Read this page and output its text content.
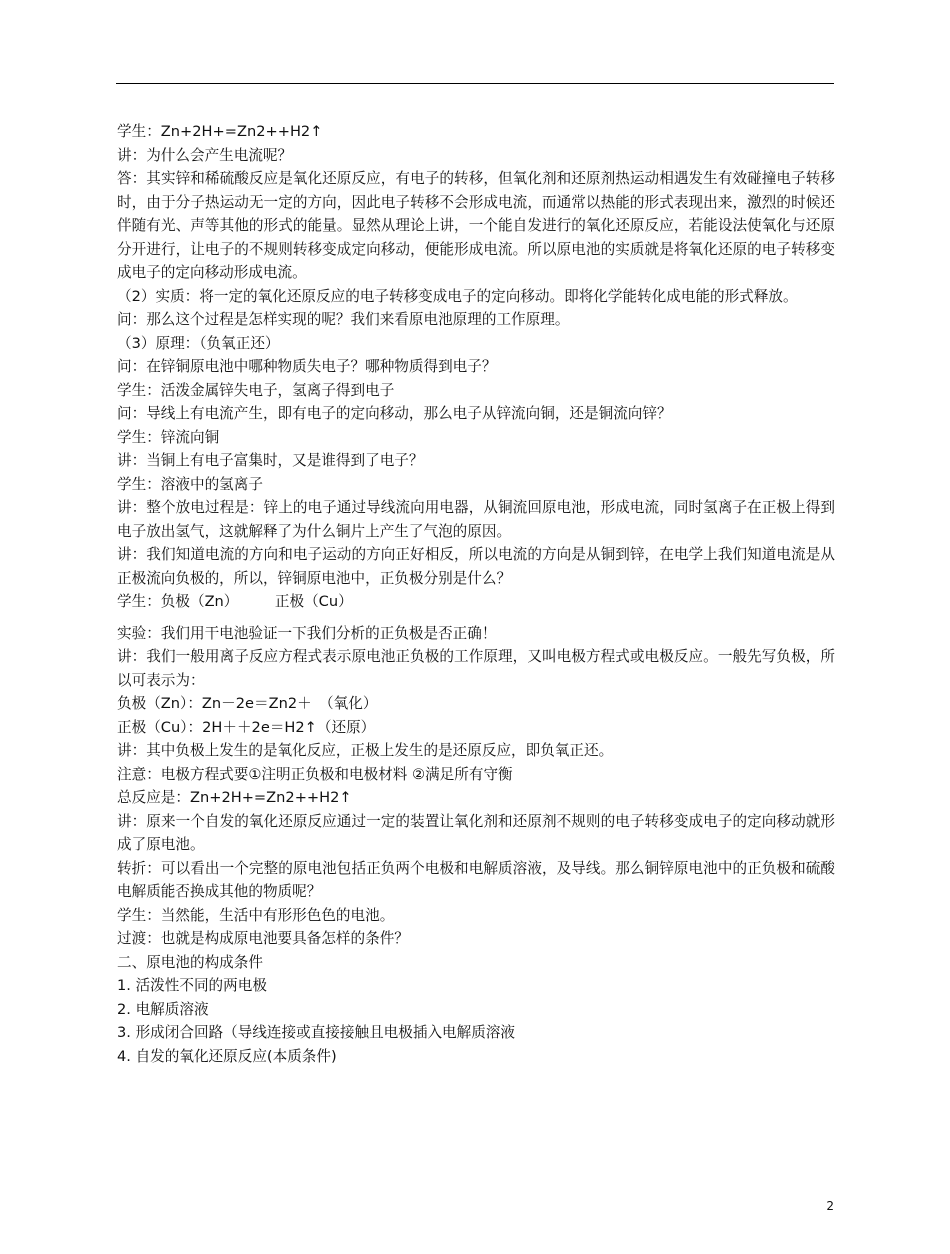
学生：Zn+2H+=Zn2++H2↑

讲：为什么会产生电流呢？

答：其实锌和稀硫酸反应是氧化还原反应，有电子的转移，但氧化剂和还原剂热运动相遇发生有效碰撞电子转移时，由于分子热运动无一定的方向，因此电子转移不会形成电流，而通常以热能的形式表现出来，激烈的时候还伴随有光、声等其他的形式的能量。显然从理论上讲，一个能自发进行的氧化还原反应，若能设法使氧化与还原分开进行，让电子的不规则转移变成定向移动，便能形成电流。所以原电池的实质就是将氧化还原的电子转移变成电子的定向移动形成电流。

（2）实质：将一定的氧化还原反应的电子转移变成电子的定向移动。即将化学能转化成电能的形式释放。

问：那么这个过程是怎样实现的呢？我们来看原电池原理的工作原理。

（3）原理：（负氧正还）

问：在锌铜原电池中哪种物质失电子？哪种物质得到电子？

学生：活泼金属锌失电子，氢离子得到电子

问：导线上有电流产生，即有电子的定向移动，那么电子从锌流向铜，还是铜流向锌？

学生：锌流向铜

讲：当铜上有电子富集时，又是谁得到了电子？

学生：溶液中的氢离子

讲：整个放电过程是：锌上的电子通过导线流向用电器，从铜流回原电池，形成电流，同时氢离子在正极上得到电子放出氢气，这就解释了为什么铜片上产生了气泡的原因。

讲：我们知道电流的方向和电子运动的方向正好相反，所以电流的方向是从铜到锌，在电学上我们知道电流是从正极流向负极的，所以，锌铜原电池中，正负极分别是什么？

学生：负极（Zn）　　　正极（Cu）

实验：我们用干电池验证一下我们分析的正负极是否正确！

讲：我们一般用离子反应方程式表示原电池正负极的工作原理，又叫电极方程式或电极反应。一般先写负极，所以可表示为：

负极（Zn）：Zn－2e＝Zn2＋　（氧化）

正极（Cu）：2H＋＋2e＝H2↑（还原）

讲：其中负极上发生的是氧化反应，正极上发生的是还原反应，即负氧正还。

注意：电极方程式要①注明正负极和电极材料 ②满足所有守衡

总反应是：Zn+2H+=Zn2++H2↑

讲：原来一个自发的氧化还原反应通过一定的装置让氧化剂和还原剂不规则的电子转移变成电子的定向移动就形成了原电池。

转折：可以看出一个完整的原电池包括正负两个电极和电解质溶液，及导线。那么铜锌原电池中的正负极和硫酸电解质能否换成其他的物质呢？

学生：当然能，生活中有形形色色的电池。

过渡：也就是构成原电池要具备怎样的条件？

二、原电池的构成条件

1. 活泼性不同的两电极

2. 电解质溶液

3. 形成闭合回路（导线连接或直接接触且电极插入电解质溶液

4. 自发的氧化还原反应(本质条件)

2
